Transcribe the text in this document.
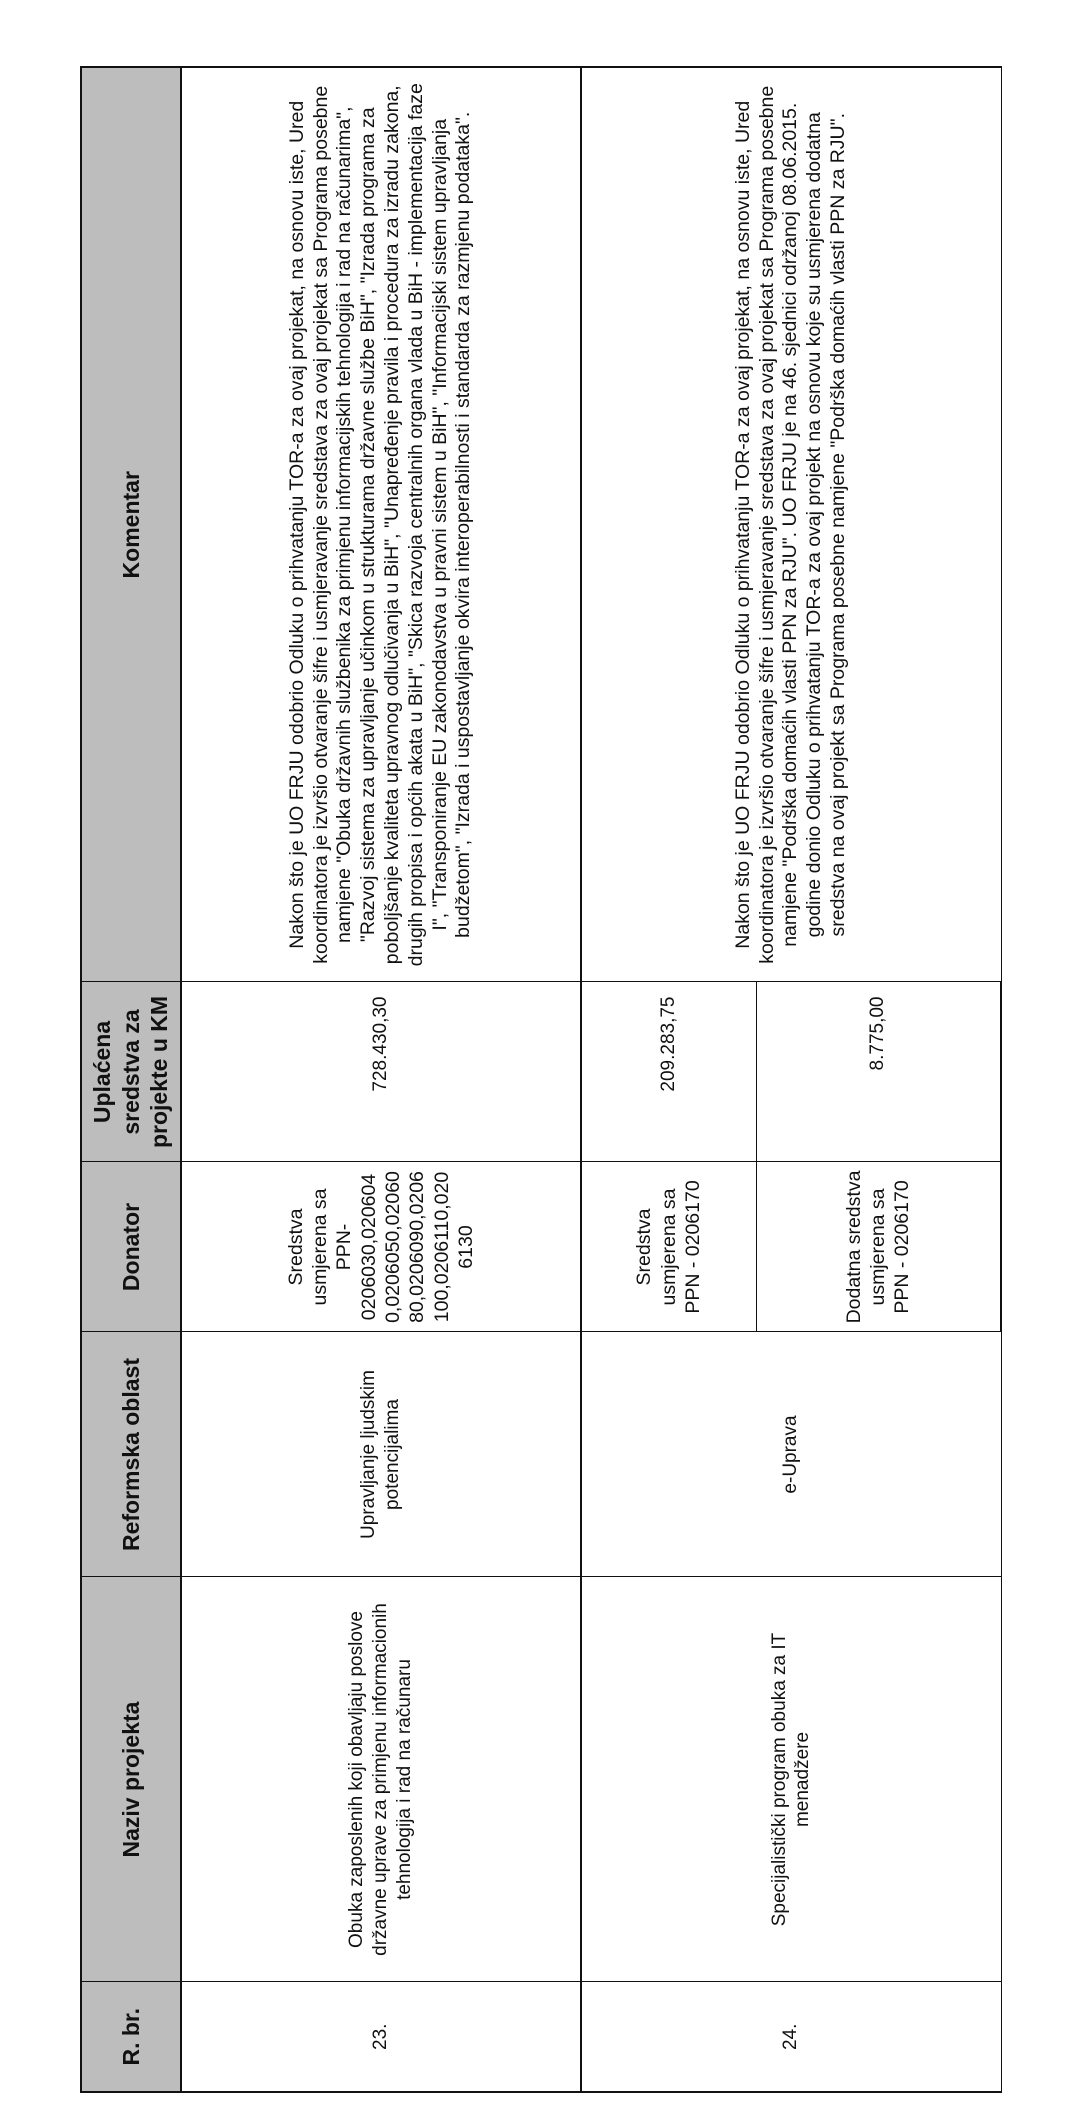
R. br.	Naziv projekta	Reformska oblast	Donator	Uplaćena sredstva za projekte u KM	Komentar
23.	Obuka zaposlenih koji obavljaju poslove državne uprave za primjenu informacionih tehnologija i rad na računaru	Upravljanje ljudskim potencijalima	Sredstva usmjerena sa PPN-0206030,0206040,0206050,0206080,0206090,0206100,0206110,0206130	728.430,30	Nakon što je UO FRJU odobrio Odluku o prihvatanju TOR-a za ovaj projekat, na osnovu iste, Ured koordinatora je izvršio otvaranje šifre i usmjeravanje sredstava za ovaj projekat sa Programa posebne namjene "Obuka državnih službenika za primjenu informacijskih tehnologija i rad na računarima", "Razvoj sistema za upravljanje učinkom u strukturama državne službe BiH", "Izrada programa za poboljšanje kvaliteta upravnog odlučivanja u BiH", "Unapređenje pravila i procedura za izradu zakona, drugih propisa i općih akata u BiH", "Skica razvoja centralnih organa vlada u BiH - implementacija faze I", "Transponiranje EU zakonodavstva u pravni sistem u BiH", "Informacijski sistem upravljanja budžetom", "Izrada i uspostavljanje okvira interoperabilnosti i standarda za razmjenu podataka".
24.	Specijalistički program obuka za IT menadžere	e-Uprava	Sredstva usmjerena sa PPN - 0206170	209.283,75	Nakon što je UO FRJU odobrio Odluku o prihvatanju TOR-a za ovaj projekat, na osnovu iste, Ured koordinatora je izvršio otvaranje šifre i usmjeravanje sredstava za ovaj projekat sa Programa posebne namjene "Podrška domaćih vlasti PPN za RJU". UO FRJU je na 46. sjednici održanoj 08.06.2015. godine donio Odluku o prihvatanju TOR-a za ovaj projekt na osnovu koje su usmjerena dodatna sredstva na ovaj projekt sa Programa posebne namjene "Podrška domaćih vlasti PPN za RJU".
			Dodatna sredstva usmjerena sa PPN - 0206170	8.775,00	
